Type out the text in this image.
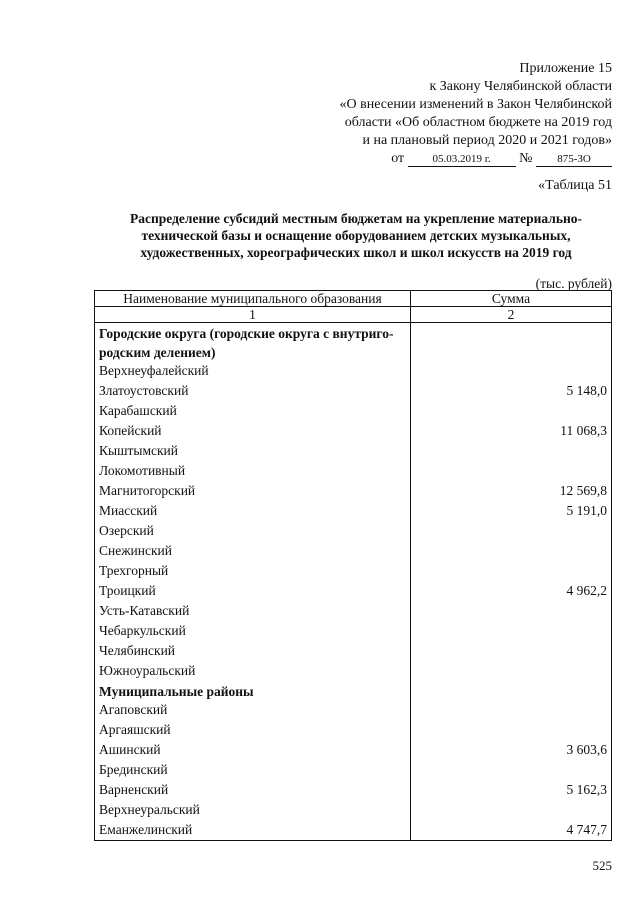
Приложение 15
к Закону Челябинской области
«О внесении изменений в Закон Челябинской
области «Об областном бюджете на 2019 год
и на плановый период 2020 и 2021 годов»
от	05.03.2019 г. № 875-ЗО
«Таблица 51
Распределение субсидий местным бюджетам на укрепление материально-
технической базы и оснащение оборудованием детских музыкальных,
художественных, хореографических школ и школ искусств на 2019 год
(тыс. рублей)
Наименование муниципального образования	Сумма
1	2
Городские округа (городские округа с внутриго-	
родским делением)	
Верхнеуфалейский	
Златоустовский	5 148,0
Карабашский	
Копейский	11 068,3
Кыштымский	
Локомотивный	
Магнитогорский	12 569,8
Миасский	5 191,0
Озерский	
Снежинский	
Трехгорный	
Троицкий	4 962,2
Усть-Катавский	
Чебаркульский	
Челябинский	
Южноуральский	
Муниципальные районы	
Агаповский	
Аргаяшский	
Ашинский	3 603,6
Брединский	
Варненский	5 162,3
Верхнеуральский	
Еманжелинский	4 747,7
525
